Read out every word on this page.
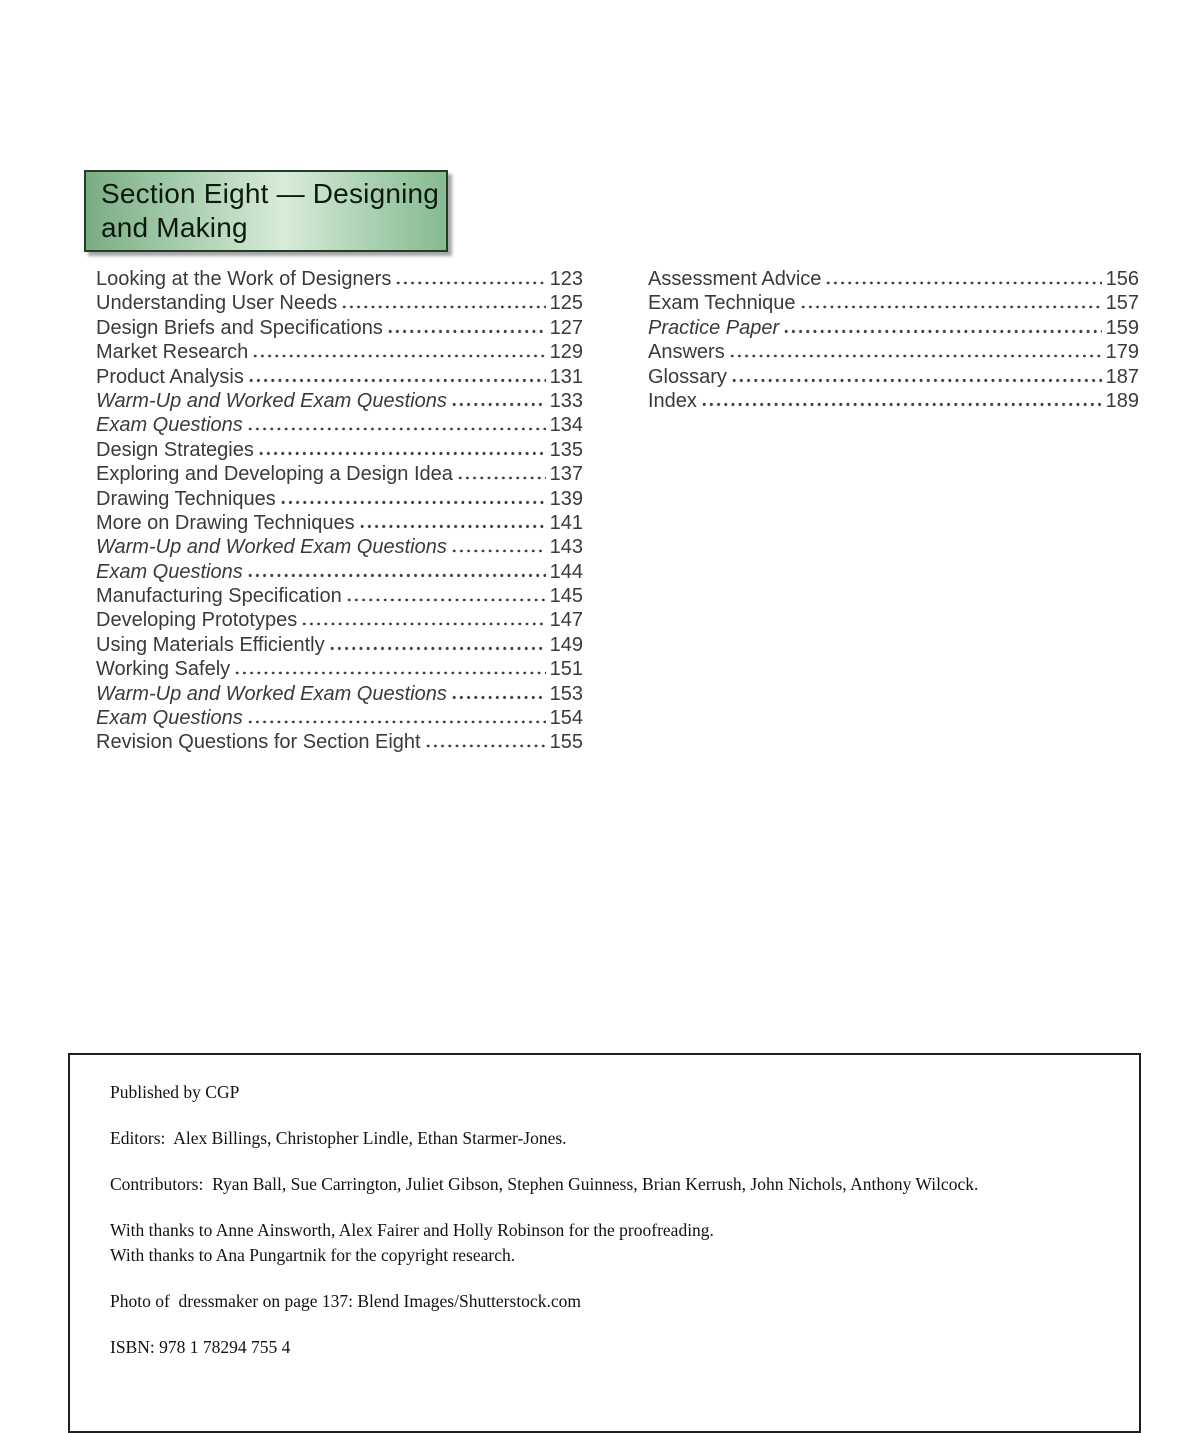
Section Eight — Designing
and Making
Looking at the Work of Designers	123
Understanding User Needs	125
Design Briefs and Specifications	127
Market Research	129
Product Analysis	131
Warm-Up and Worked Exam Questions	133
Exam Questions	134
Design Strategies	135
Exploring and Developing a Design Idea	137
Drawing Techniques	139
More on Drawing Techniques	141
Warm-Up and Worked Exam Questions	143
Exam Questions	144
Manufacturing Specification	145
Developing Prototypes	147
Using Materials Efficiently	149
Working Safely	151
Warm-Up and Worked Exam Questions	153
Exam Questions	154
Revision Questions for Section Eight	155
Assessment Advice	156
Exam Technique	157
Practice Paper	159
Answers	179
Glossary	187
Index	189

Published by CGP

Editors:  Alex Billings, Christopher Lindle, Ethan Starmer-Jones.

Contributors:  Ryan Ball, Sue Carrington, Juliet Gibson, Stephen Guinness, Brian Kerrush, John Nichols, Anthony Wilcock.

With thanks to Anne Ainsworth, Alex Fairer and Holly Robinson for the proofreading.

With thanks to Ana Pungartnik for the copyright research.

Photo of  dressmaker on page 137: Blend Images/Shutterstock.com

ISBN: 978 1 78294 755 4
